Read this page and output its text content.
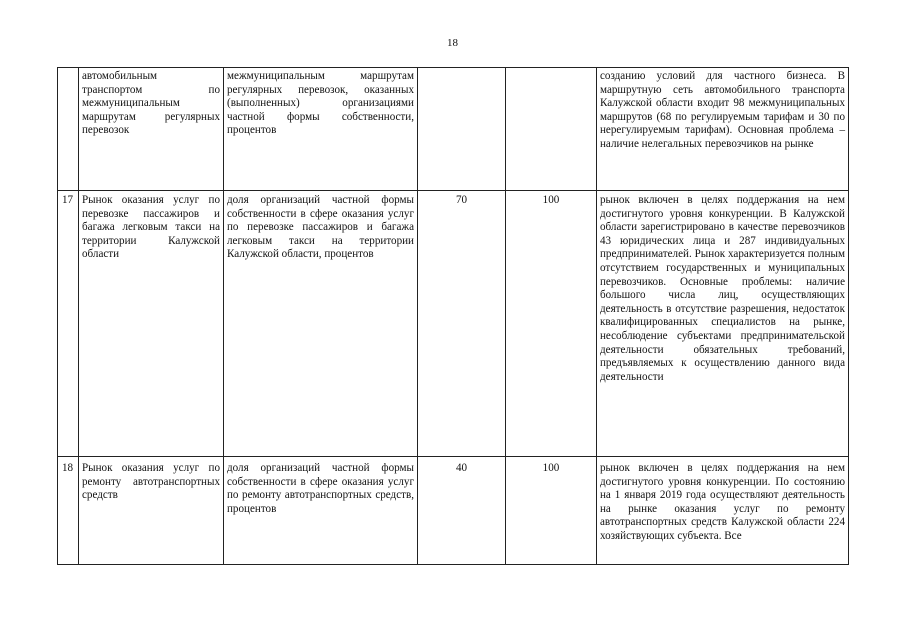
18
	автомобильным транспортом по межмуниципальным маршрутам регулярных перевозок	межмуниципальным маршрутам регулярных перевозок, оказанных (выполненных) организациями частной формы собственности, процентов			созданию условий для частного бизнеса. В маршрутную сеть автомобильного транспорта Калужской области входит 98 межмуниципальных маршрутов (68 по регулируемым тарифам и 30 по нерегулируемым тарифам). Основная проблема – наличие нелегальных перевозчиков на рынке
17	Рынок оказания услуг по перевозке пассажиров и багажа легковым такси на территории Калужской области	доля организаций частной формы собственности в сфере оказания услуг по перевозке пассажиров и багажа легковым такси на территории Калужской области, процентов	70	100	рынок включен в целях поддержания на нем достигнутого уровня конкуренции. В Калужской области зарегистрировано в качестве перевозчиков 43 юридических лица и 287 индивидуальных предпринимателей. Рынок характеризуется полным отсутствием государственных и муниципальных перевозчиков. Основные проблемы: наличие большого числа лиц, осуществляющих деятельность в отсутствие разрешения, недостаток квалифицированных специалистов на рынке, несоблюдение субъектами предпринимательской деятельности обязательных требований, предъявляемых к осуществлению данного вида деятельности
18	Рынок оказания услуг по ремонту автотранспортных средств	доля организаций частной формы собственности в сфере оказания услуг по ремонту автотранспортных средств, процентов	40	100	рынок включен в целях поддержания на нем достигнутого уровня конкуренции. По состоянию на 1 января 2019 года осуществляют деятельность на рынке оказания услуг по ремонту автотранспортных средств Калужской области 224 хозяйствующих субъекта. Все
